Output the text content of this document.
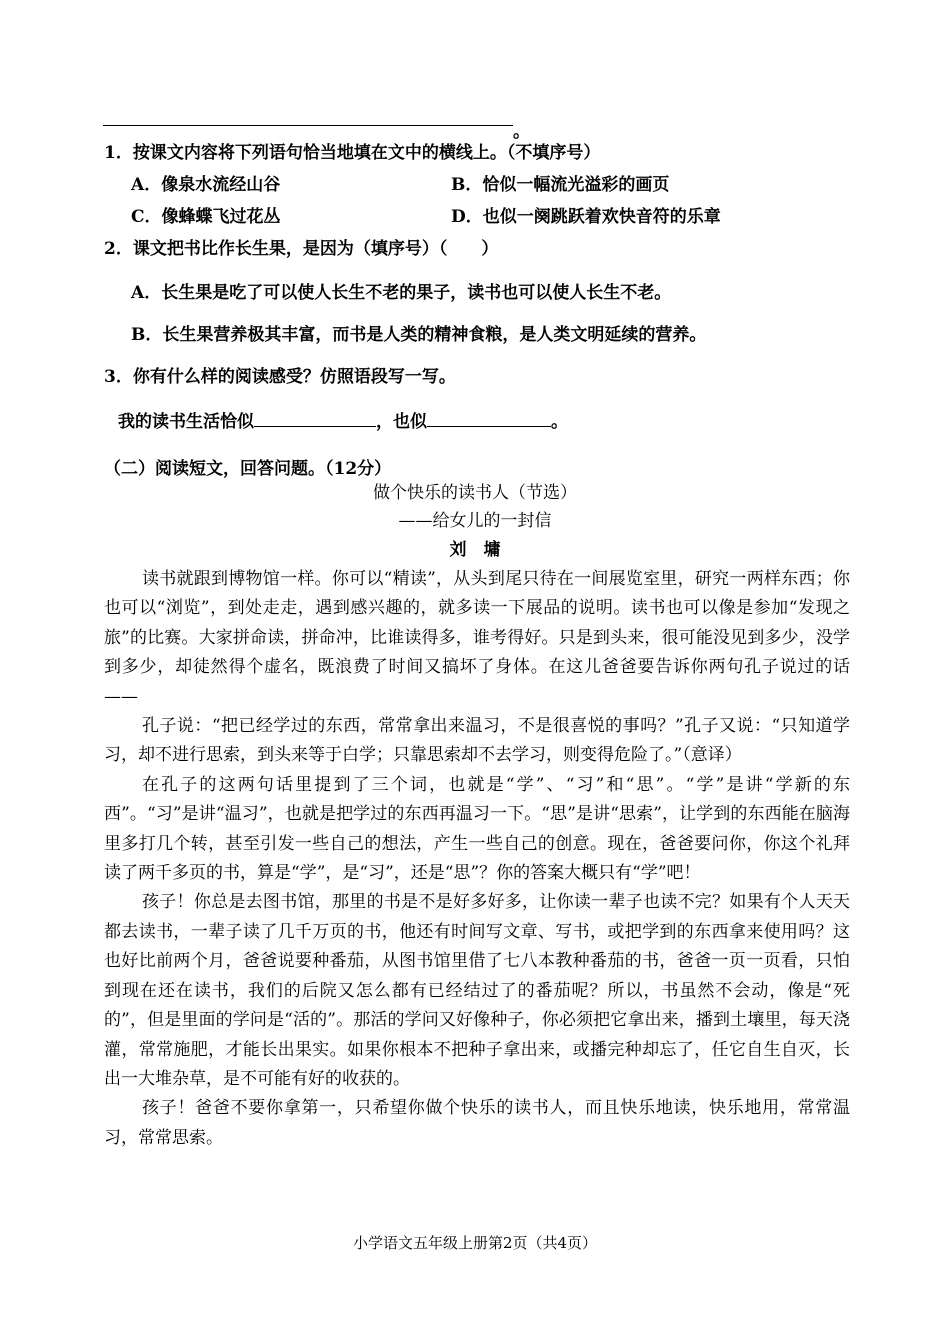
。
1．按课文内容将下列语句恰当地填在文中的横线上。（不填序号）
A．像泉水流经山谷	B．恰似一幅流光溢彩的画页
C．像蜂蝶飞过花丛	D．也似一阕跳跃着欢快音符的乐章
2．课文把书比作长生果，是因为（填序号）（　　）
A．长生果是吃了可以使人长生不老的果子，读书也可以使人长生不老。
B．长生果营养极其丰富，而书是人类的精神食粮，是人类文明延续的营养。
3．你有什么样的阅读感受？仿照语段写一写。
我的读书生活恰似	，也似	。
（二）阅读短文，回答问题。（12分）
做个快乐的读书人（节选）
——给女儿的一封信
刘　墉

读书就跟到博物馆一样。你可以“精读”，从头到尾只待在一间展览室里，研究一两样东西；你也可以“浏览”，到处走走，遇到感兴趣的，就多读一下展品的说明。读书也可以像是参加“发现之旅”的比赛。大家拼命读，拼命冲，比谁读得多，谁考得好。只是到头来，很可能没见到多少，没学到多少，却徒然得个虚名，既浪费了时间又搞坏了身体。在这儿爸爸要告诉你两句孔子说过的话——

孔子说：“把已经学过的东西，常常拿出来温习，不是很喜悦的事吗？”孔子又说：“只知道学习，却不进行思索，到头来等于白学；只靠思索却不去学习，则变得危险了。”（意译）

在孔子的这两句话里提到了三个词，也就是“学”、“习”和“思”。“学”是讲“学新的东西”。“习”是讲“温习”，也就是把学过的东西再温习一下。“思”是讲“思索”，让学到的东西能在脑海里多打几个转，甚至引发一些自己的想法，产生一些自己的创意。现在，爸爸要问你，你这个礼拜读了两千多页的书，算是“学”，是“习”，还是“思”？你的答案大概只有“学”吧！

孩子！你总是去图书馆，那里的书是不是好多好多，让你读一辈子也读不完？如果有个人天天都去读书，一辈子读了几千万页的书，他还有时间写文章、写书，或把学到的东西拿来使用吗？这也好比前两个月，爸爸说要种番茄，从图书馆里借了七八本教种番茄的书，爸爸一页一页看，只怕到现在还在读书，我们的后院又怎么都有已经结过了的番茄呢？所以，书虽然不会动，像是“死的”，但是里面的学问是“活的”。那活的学问又好像种子，你必须把它拿出来，播到土壤里，每天浇灌，常常施肥，才能长出果实。如果你根本不把种子拿出来，或播完种却忘了，任它自生自灭，长出一大堆杂草，是不可能有好的收获的。

孩子！爸爸不要你拿第一，只希望你做个快乐的读书人，而且快乐地读，快乐地用，常常温习，常常思索。

小学语文五年级上册第2页（共4页）
